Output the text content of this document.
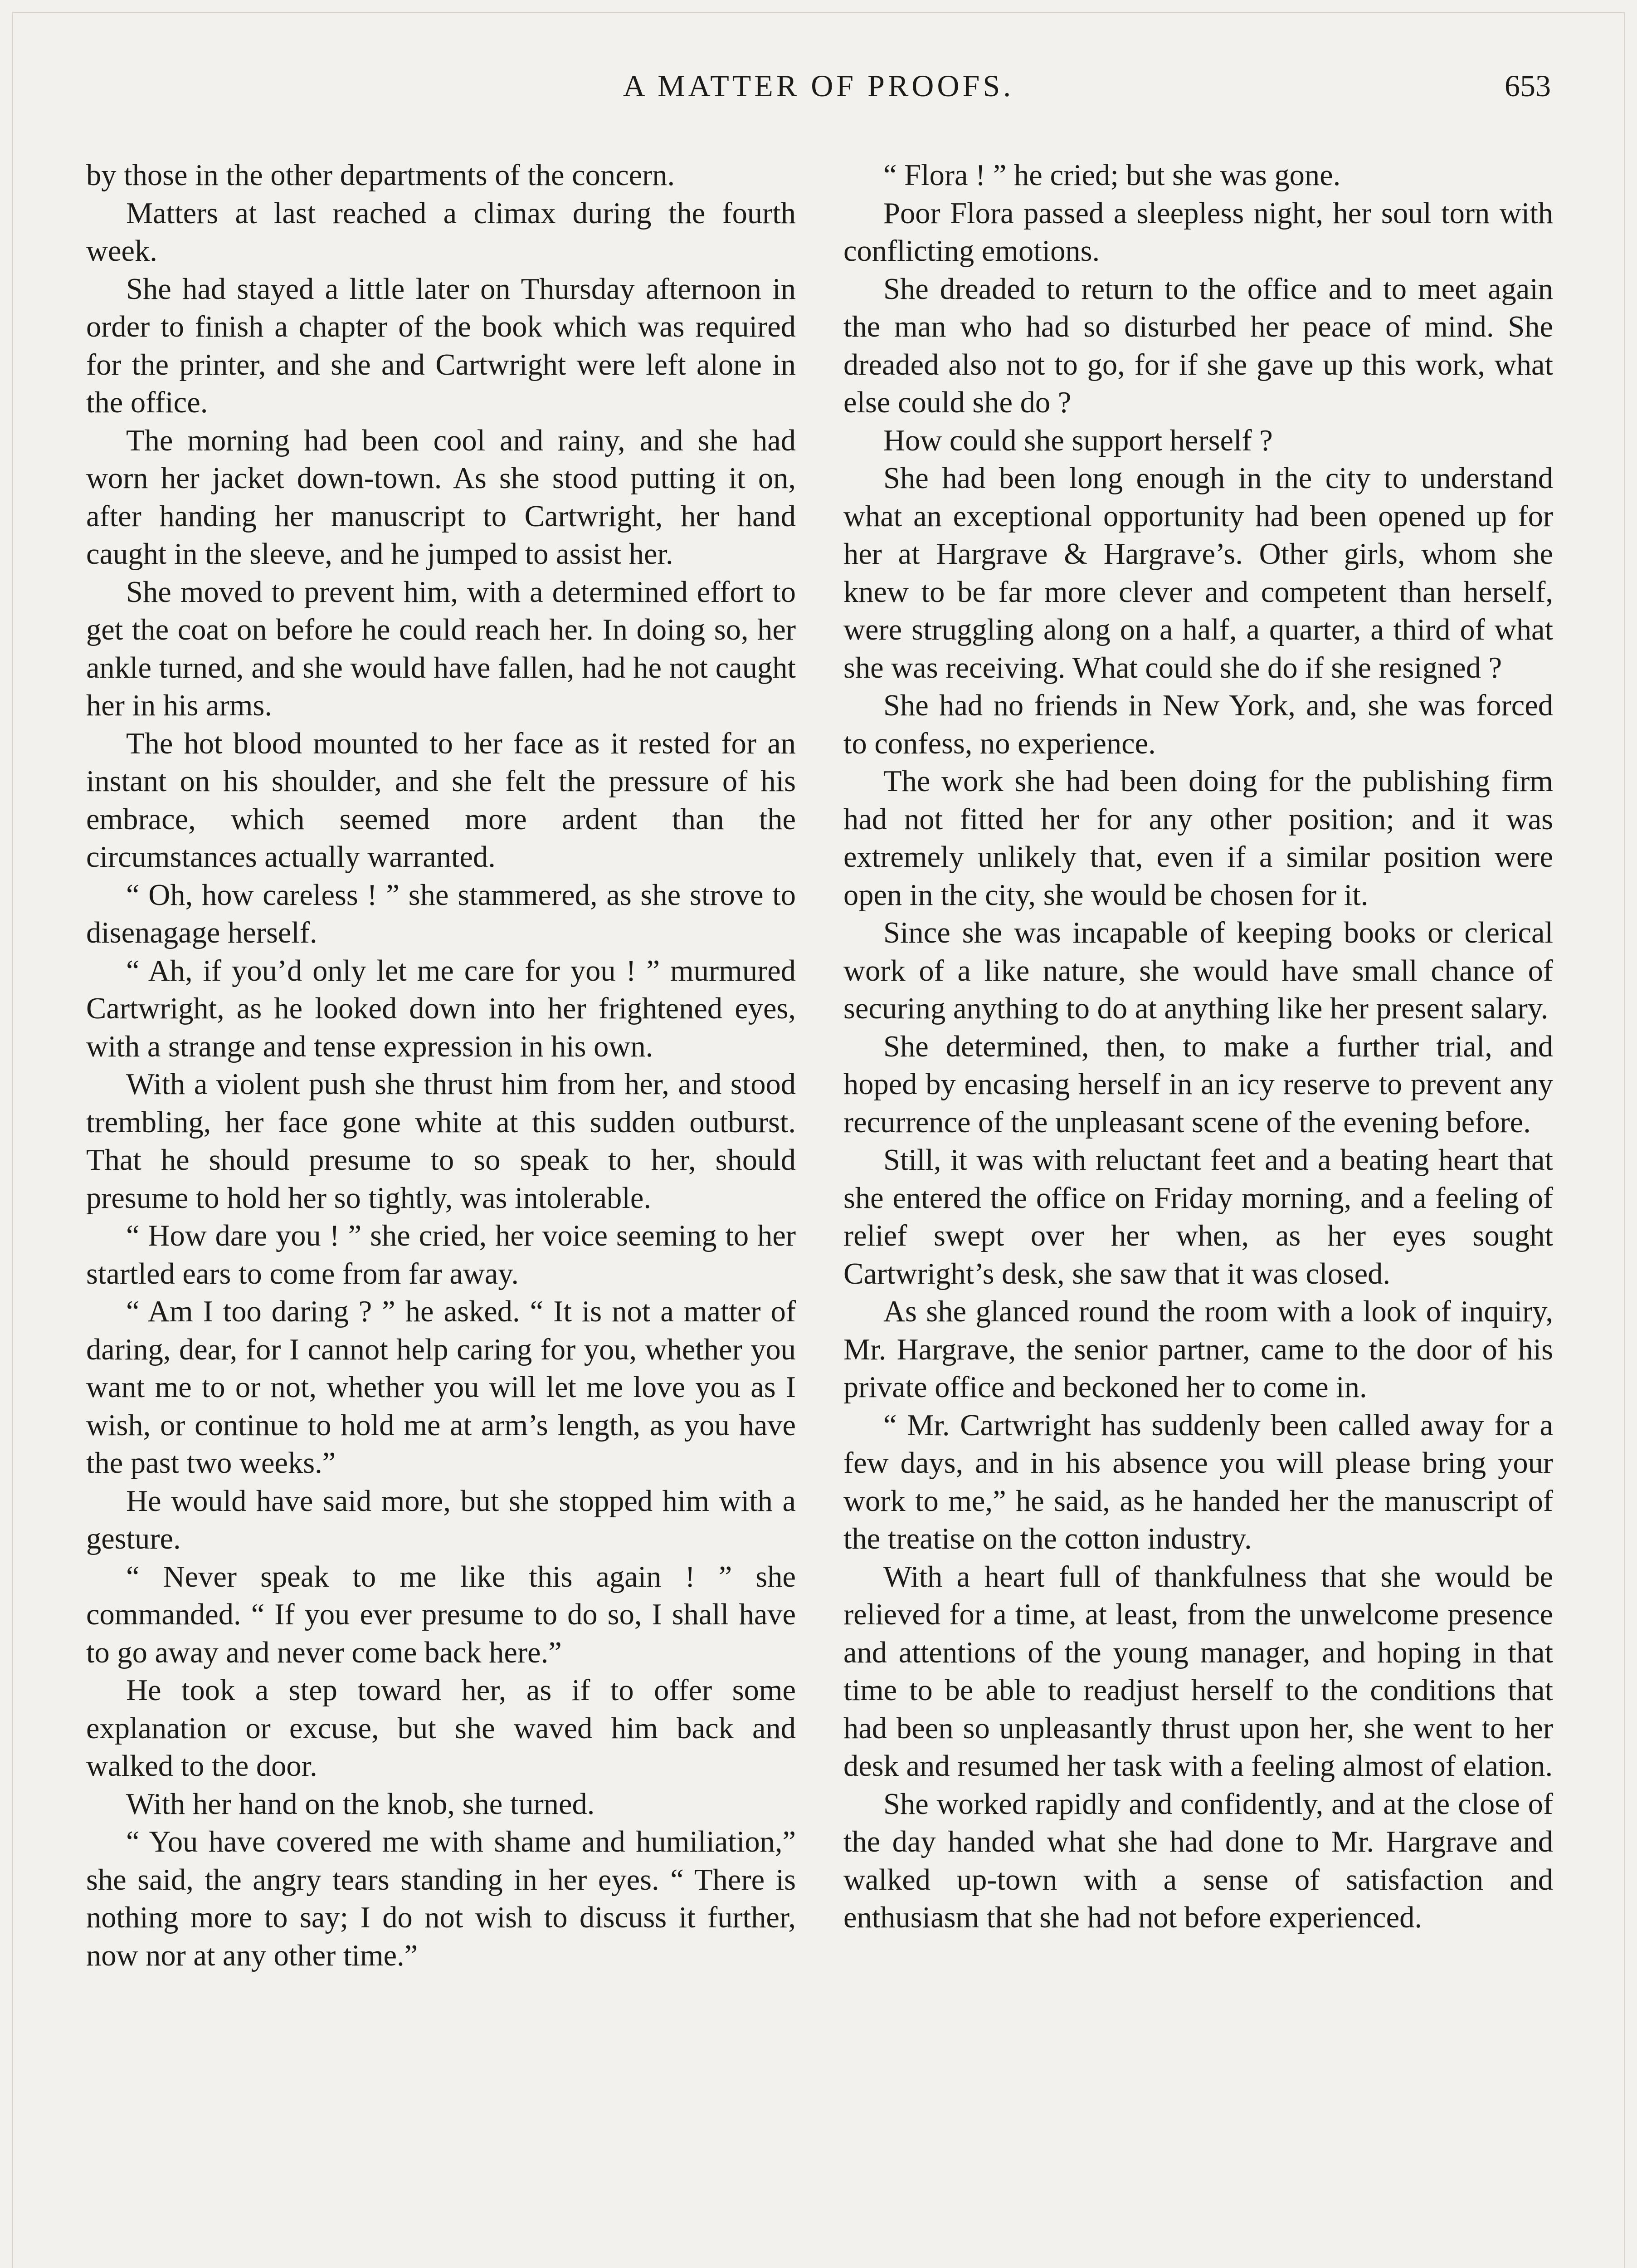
A MATTER OF PROOFS.	653

by those in the other departments of the concern.

Matters at last reached a climax during the fourth week.

She had stayed a little later on Thursday afternoon in order to finish a chapter of the book which was required for the printer, and she and Cartwright were left alone in the office.

The morning had been cool and rainy, and she had worn her jacket down-town. As she stood putting it on, after handing her manuscript to Cartwright, her hand caught in the sleeve, and he jumped to assist her.

She moved to prevent him, with a determined effort to get the coat on before he could reach her. In doing so, her ankle turned, and she would have fallen, had he not caught her in his arms.

The hot blood mounted to her face as it rested for an instant on his shoulder, and she felt the pressure of his embrace, which seemed more ardent than the circumstances actually warranted.

“ Oh, how careless ! ” she stammered, as she strove to disenagage herself.

“ Ah, if you’d only let me care for you ! ” murmured Cartwright, as he looked down into her frightened eyes, with a strange and tense expression in his own.

With a violent push she thrust him from her, and stood trembling, her face gone white at this sudden outburst. That he should presume to so speak to her, should presume to hold her so tightly, was intolerable.

“ How dare you ! ” she cried, her voice seeming to her startled ears to come from far away.

“ Am I too daring ? ” he asked. “ It is not a matter of daring, dear, for I cannot help caring for you, whether you want me to or not, whether you will let me love you as I wish, or continue to hold me at arm’s length, as you have the past two weeks.”

He would have said more, but she stopped him with a gesture.

“ Never speak to me like this again ! ” she commanded. “ If you ever presume to do so, I shall have to go away and never come back here.”

He took a step toward her, as if to offer some explanation or excuse, but she waved him back and walked to the door.

With her hand on the knob, she turned.

“ You have covered me with shame and humiliation,” she said, the angry tears standing in her eyes. “ There is nothing more to say; I do not wish to discuss it further, now nor at any other time.”

“ Flora ! ” he cried; but she was gone.

Poor Flora passed a sleepless night, her soul torn with conflicting emotions.

She dreaded to return to the office and to meet again the man who had so disturbed her peace of mind. She dreaded also not to go, for if she gave up this work, what else could she do ?

How could she support herself ?

She had been long enough in the city to understand what an exceptional opportunity had been opened up for her at Hargrave & Hargrave’s. Other girls, whom she knew to be far more clever and competent than herself, were struggling along on a half, a quarter, a third of what she was receiving. What could she do if she resigned ?

She had no friends in New York, and, she was forced to confess, no experience.

The work she had been doing for the publishing firm had not fitted her for any other position; and it was extremely unlikely that, even if a similar position were open in the city, she would be chosen for it.

Since she was incapable of keeping books or clerical work of a like nature, she would have small chance of securing anything to do at anything like her present salary.

She determined, then, to make a further trial, and hoped by encasing herself in an icy reserve to prevent any recurrence of the unpleasant scene of the evening before.

Still, it was with reluctant feet and a beating heart that she entered the office on Friday morning, and a feeling of relief swept over her when, as her eyes sought Cartwright’s desk, she saw that it was closed.

As she glanced round the room with a look of inquiry, Mr. Hargrave, the senior partner, came to the door of his private office and beckoned her to come in.

“ Mr. Cartwright has suddenly been called away for a few days, and in his absence you will please bring your work to me,” he said, as he handed her the manuscript of the treatise on the cotton industry.

With a heart full of thankfulness that she would be relieved for a time, at least, from the unwelcome presence and attentions of the young manager, and hoping in that time to be able to readjust herself to the conditions that had been so unpleasantly thrust upon her, she went to her desk and resumed her task with a feeling almost of elation.

She worked rapidly and confidently, and at the close of the day handed what she had done to Mr. Hargrave and walked up-town with a sense of satisfaction and enthusiasm that she had not before experienced.
